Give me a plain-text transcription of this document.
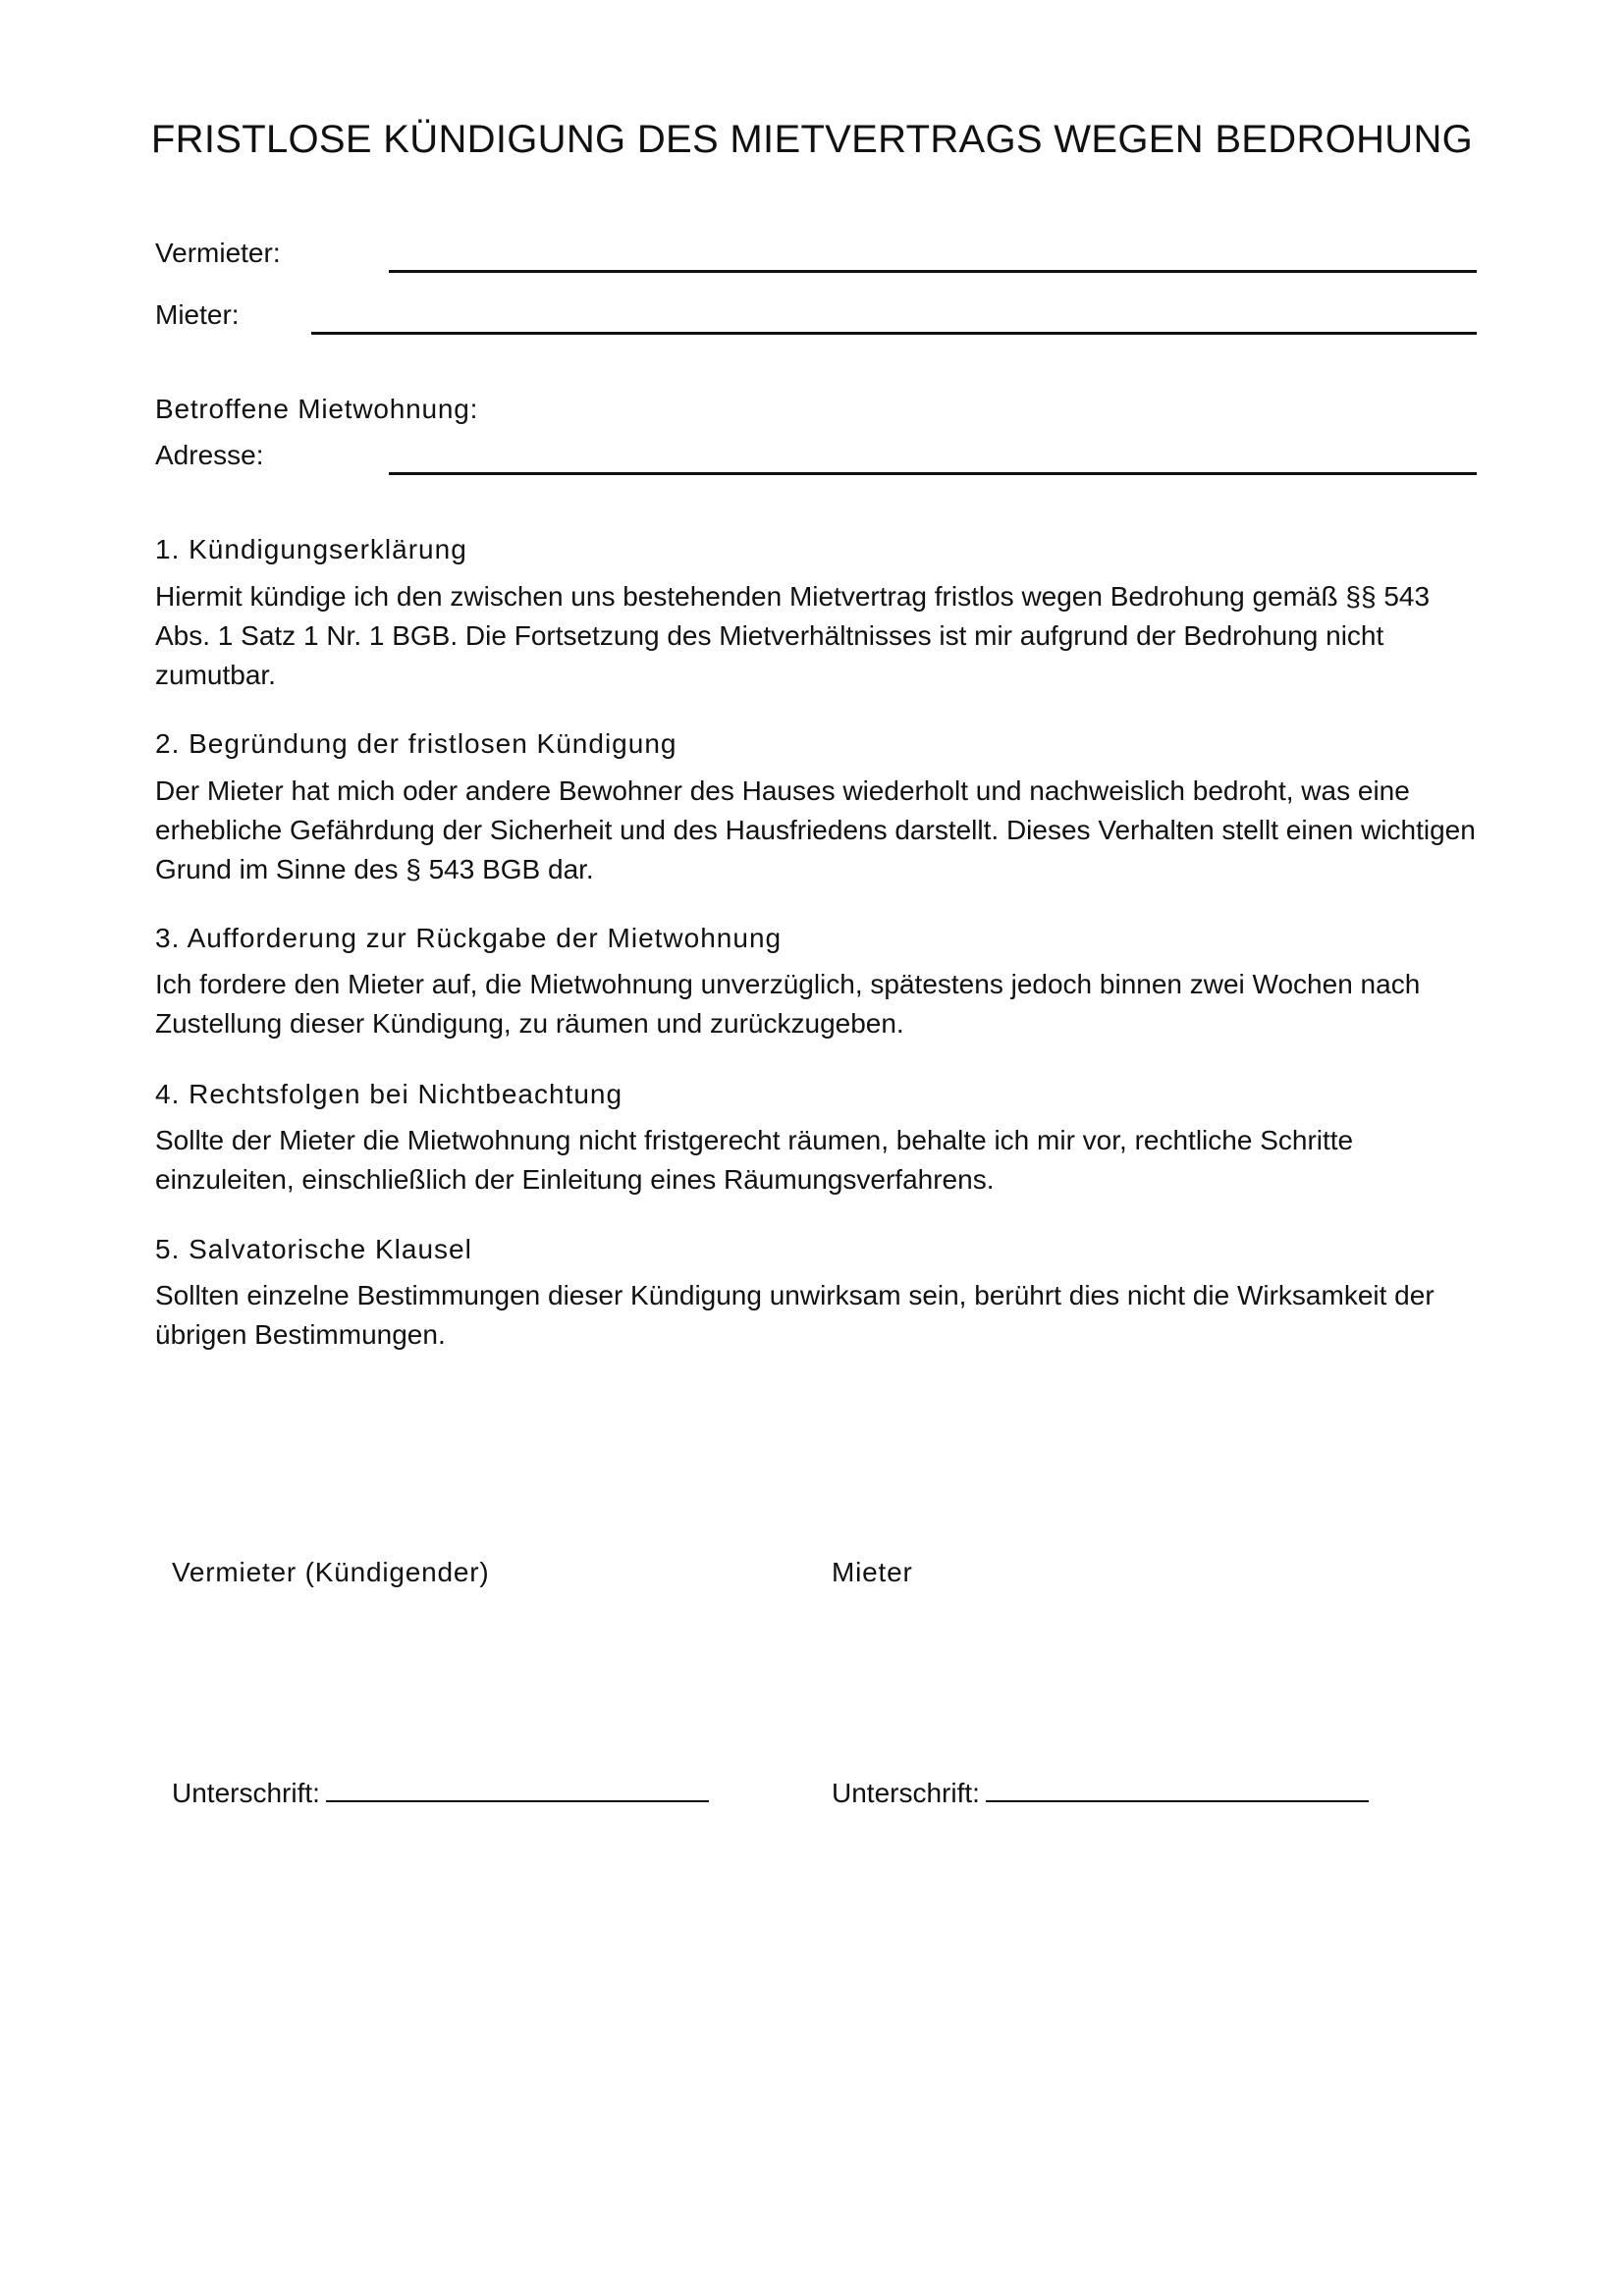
FRISTLOSE KÜNDIGUNG DES MIETVERTRAGS WEGEN BEDROHUNG
Vermieter:
Mieter:
Betroffene Mietwohnung:
Adresse:
1. Kündigungserklärung
Hiermit kündige ich den zwischen uns bestehenden Mietvertrag fristlos wegen Bedrohung gemäß §§ 543 Abs. 1 Satz 1 Nr. 1 BGB. Die Fortsetzung des Mietverhältnisses ist mir aufgrund der Bedrohung nicht zumutbar.
2. Begründung der fristlosen Kündigung
Der Mieter hat mich oder andere Bewohner des Hauses wiederholt und nachweislich bedroht, was eine erhebliche Gefährdung der Sicherheit und des Hausfriedens darstellt. Dieses Verhalten stellt einen wichtigen Grund im Sinne des § 543 BGB dar.
3. Aufforderung zur Rückgabe der Mietwohnung
Ich fordere den Mieter auf, die Mietwohnung unverzüglich, spätestens jedoch binnen zwei Wochen nach Zustellung dieser Kündigung, zu räumen und zurückzugeben.
4. Rechtsfolgen bei Nichtbeachtung
Sollte der Mieter die Mietwohnung nicht fristgerecht räumen, behalte ich mir vor, rechtliche Schritte einzuleiten, einschließlich der Einleitung eines Räumungsverfahrens.
5. Salvatorische Klausel
Sollten einzelne Bestimmungen dieser Kündigung unwirksam sein, berührt dies nicht die Wirksamkeit der übrigen Bestimmungen.
Vermieter (Kündigender)	Mieter
Unterschrift:	Unterschrift:
